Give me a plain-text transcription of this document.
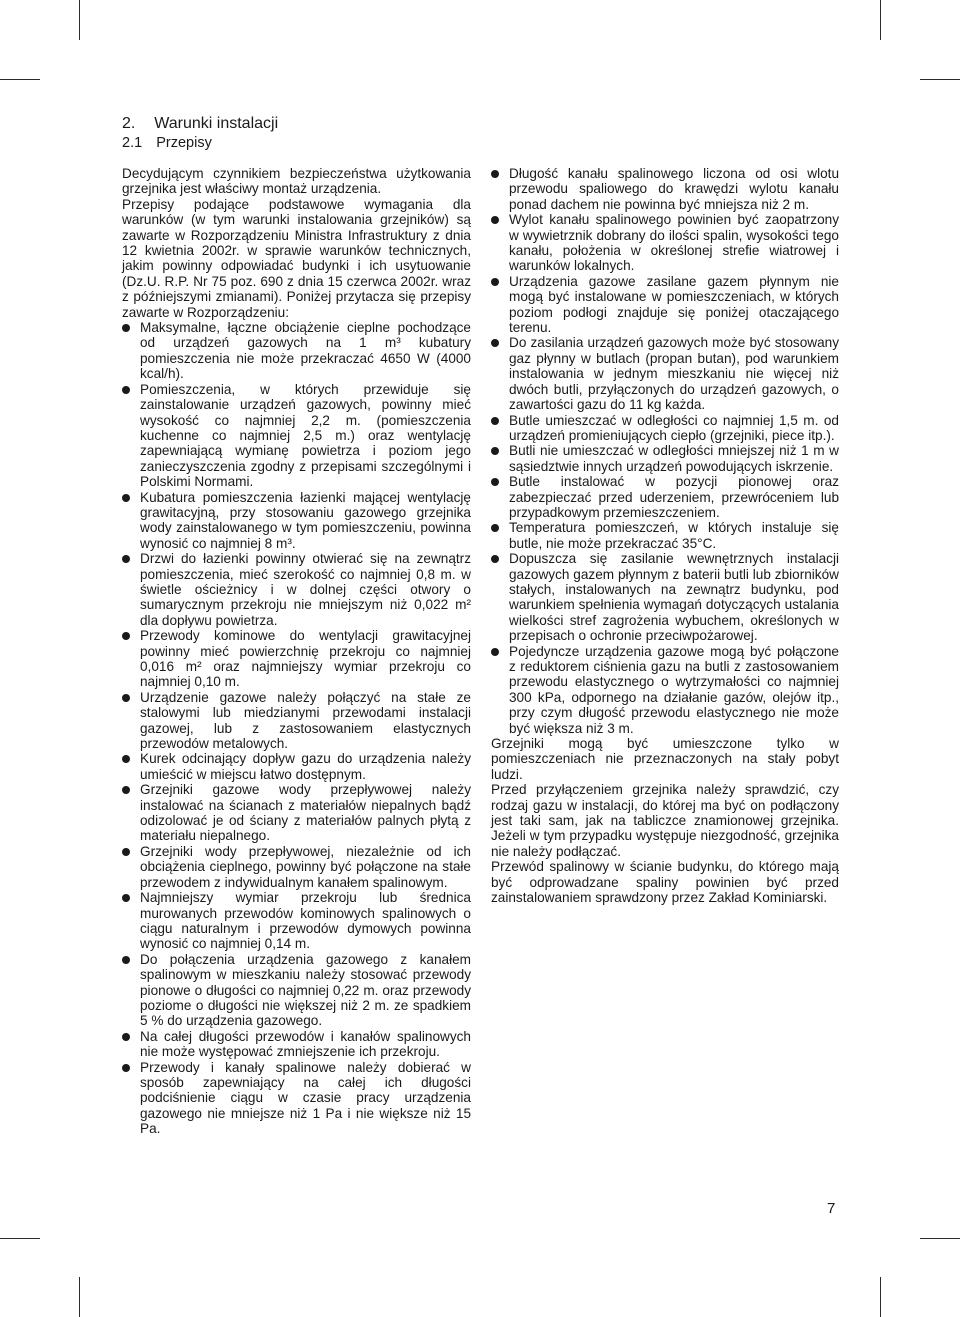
2. Warunki instalacji
2.1 Przepisy

Decydującym czynnikiem bezpieczeństwa użytkowania grzejnika jest właściwy montaż urządzenia.

Przepisy podające podstawowe wymagania dla warunków (w tym warunki instalowania grzejników) są zawarte w Rozporządzeniu Ministra Infrastruktury z dnia 12 kwietnia 2002r. w sprawie warunków technicznych, jakim powinny odpowiadać budynki i ich usytuowanie (Dz.U. R.P. Nr 75 poz. 690 z dnia 15 czerwca 2002r. wraz z późniejszymi zmianami). Poniżej przytacza się przepisy zawarte w Rozporządzeniu:

Maksymalne, łączne obciążenie cieplne pochodzące od urządzeń gazowych na 1 m³ kubatury pomieszczenia nie może przekraczać 4650 W (4000 kcal/h).
Pomieszczenia, w których przewiduje się zainstalowanie urządzeń gazowych, powinny mieć wysokość co najmniej 2,2 m. (pomieszczenia kuchenne co najmniej 2,5 m.) oraz wentylację zapewniającą wymianę powietrza i poziom jego zanieczyszczenia zgodny z przepisami szczególnymi i Polskimi Normami.
Kubatura pomieszczenia łazienki mającej wentylację grawitacyjną, przy stosowaniu gazowego grzejnika wody zainstalowanego w tym pomieszczeniu, powinna wynosić co najmniej 8 m³.
Drzwi do łazienki powinny otwierać się na zewnątrz pomieszczenia, mieć szerokość co najmniej 0,8 m. w świetle ościeżnicy i w dolnej części otwory o sumarycznym przekroju nie mniejszym niż 0,022 m² dla dopływu powietrza.
Przewody kominowe do wentylacji grawitacyjnej powinny mieć powierzchnię przekroju co najmniej 0,016 m² oraz najmniejszy wymiar przekroju co najmniej 0,10 m.
Urządzenie gazowe należy połączyć na stałe ze stalowymi lub miedzianymi przewodami instalacji gazowej, lub z zastosowaniem elastycznych przewodów metalowych.
Kurek odcinający dopływ gazu do urządzenia należy umieścić w miejscu łatwo dostępnym.
Grzejniki gazowe wody przepływowej należy instalować na ścianach z materiałów niepalnych bądź odizolować je od ściany z materiałów palnych płytą z materiału niepalnego.
Grzejniki wody przepływowej, niezależnie od ich obciążenia cieplnego, powinny być połączone na stałe przewodem z indywidualnym kanałem spalinowym.
Najmniejszy wymiar przekroju lub średnica murowanych przewodów kominowych spalinowych o ciągu naturalnym i przewodów dymowych powinna wynosić co najmniej 0,14 m.
Do połączenia urządzenia gazowego z kanałem spalinowym w mieszkaniu należy stosować przewody pionowe o długości co najmniej 0,22 m. oraz przewody poziome o długości nie większej niż 2 m. ze spadkiem 5 % do urządzenia gazowego.
Na całej długości przewodów i kanałów spalinowych nie może występować zmniejszenie ich przekroju.
Przewody i kanały spalinowe należy dobierać w sposób zapewniający na całej ich długości podciśnienie ciągu w czasie pracy urządzenia gazowego nie mniejsze niż 1 Pa i nie większe niż 15 Pa.
Długość kanału spalinowego liczona od osi wlotu przewodu spaliowego do krawędzi wylotu kanału ponad dachem nie powinna być mniejsza niż 2 m.
Wylot kanału spalinowego powinien być zaopatrzony w wywietrznik dobrany do ilości spalin, wysokości tego kanału, położenia w określonej strefie wiatrowej i warunków lokalnych.
Urządzenia gazowe zasilane gazem płynnym nie mogą być instalowane w pomieszczeniach, w których poziom podłogi znajduje się poniżej otaczającego terenu.
Do zasilania urządzeń gazowych może być stosowany gaz płynny w butlach (propan butan), pod warunkiem instalowania w jednym mieszkaniu nie więcej niż dwóch butli, przyłączonych do urządzeń gazowych, o zawartości gazu do 11 kg każda.
Butle umieszczać w odległości co najmniej 1,5 m. od urządzeń promieniujących ciepło (grzejniki, piece itp.).
Butli nie umieszczać w odległości mniejszej niż 1 m w sąsiedztwie innych urządzeń powodujących iskrzenie.
Butle instalować w pozycji pionowej oraz zabezpieczać przed uderzeniem, przewróceniem lub przypadkowym przemieszczeniem.
Temperatura pomieszczeń, w których instaluje się butle, nie może przekraczać 35°C.
Dopuszcza się zasilanie wewnętrznych instalacji gazowych gazem płynnym z baterii butli lub zbiorników stałych, instalowanych na zewnątrz budynku, pod warunkiem spełnienia wymagań dotyczących ustalania wielkości stref zagrożenia wybuchem, określonych w przepisach o ochronie przeciwpożarowej.
Pojedyncze urządzenia gazowe mogą być połączone z reduktorem ciśnienia gazu na butli z zastosowaniem przewodu elastycznego o wytrzymałości co najmniej 300 kPa, odpornego na działanie gazów, olejów itp., przy czym długość przewodu elastycznego nie może być większa niż 3 m.

Grzejniki mogą być umieszczone tylko w pomieszczeniach nie przeznaczonych na stały pobyt ludzi.

Przed przyłączeniem grzejnika należy sprawdzić, czy rodzaj gazu w instalacji, do której ma być on podłączony jest taki sam, jak na tabliczce znamionowej grzejnika. Jeżeli w tym przypadku występuje niezgodność, grzejnika nie należy podłączać.

Przewód spalinowy w ścianie budynku, do którego mają być odprowadzane spaliny powinien być przed zainstalowaniem sprawdzony przez Zakład Kominiarski.

7
